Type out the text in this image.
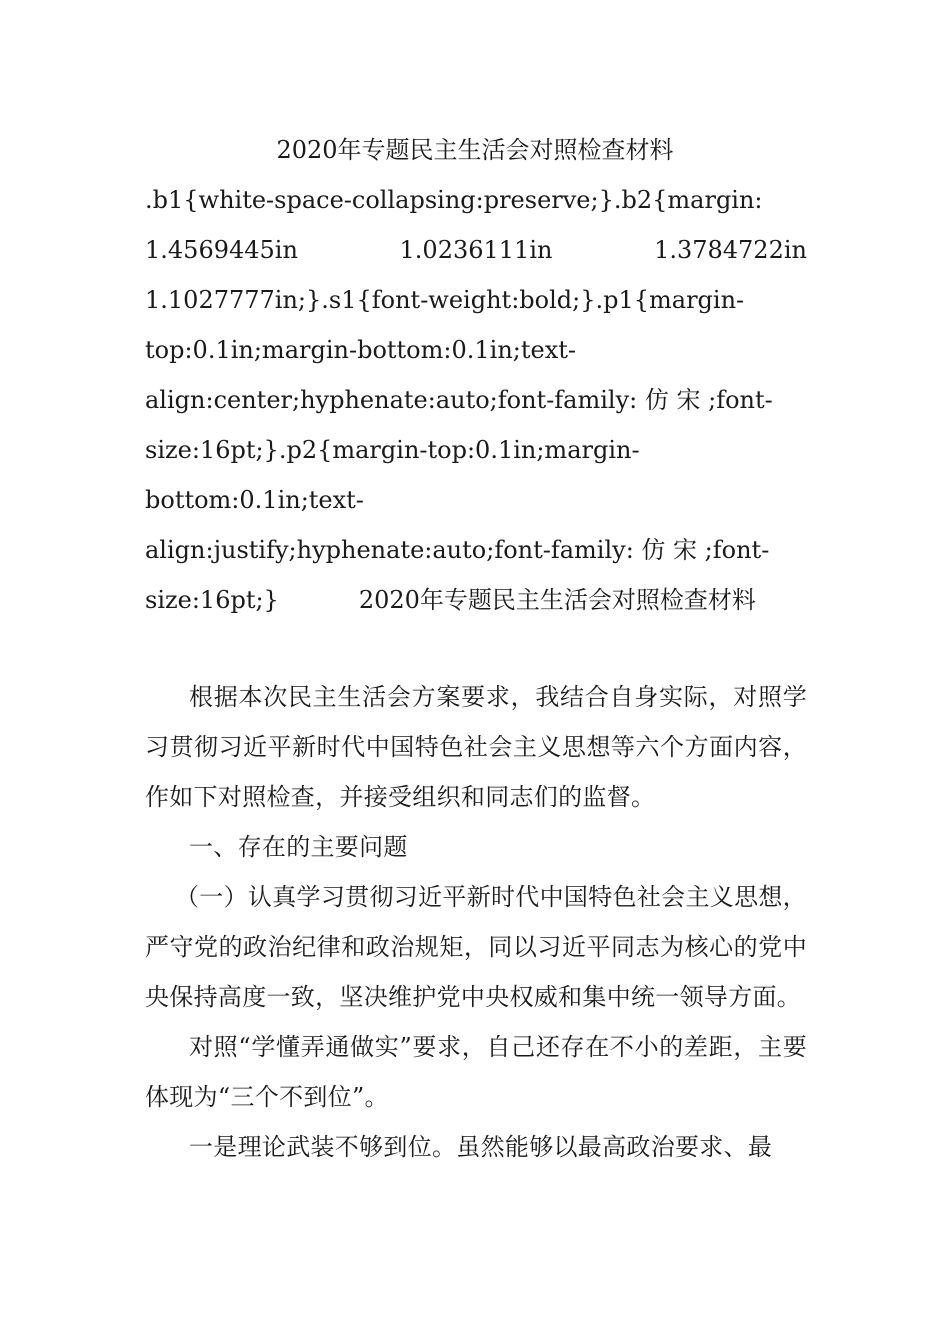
2020年专题民主生活会对照检查材料
.b1{white-space-collapsing:preserve;}.b2{margin:
1.4569445in	1.0236111in	1.3784722in
1.1027777in;}.s1{font-weight:bold;}.p1{margin-
top:0.1in;margin-bottom:0.1in;text-
align:center;hyphenate:auto;font-family: 仿 宋 ;font-
size:16pt;}.p2{margin-top:0.1in;margin-
bottom:0.1in;text-
align:justify;hyphenate:auto;font-family: 仿 宋 ;font-
size:16pt;}	2020年专题民主生活会对照检查材料

根据本次民主生活会方案要求，我结合自身实际，对照学习贯彻习近平新时代中国特色社会主义思想等六个方面内容，作如下对照检查，并接受组织和同志们的监督。

一、存在的主要问题

（一）认真学习贯彻习近平新时代中国特色社会主义思想，严守党的政治纪律和政治规矩，同以习近平同志为核心的党中央保持高度一致，坚决维护党中央权威和集中统一领导方面。

对照“学懂弄通做实”要求，自己还存在不小的差距，主要体现为“三个不到位”。

一是理论武装不够到位。虽然能够以最高政治要求、最
